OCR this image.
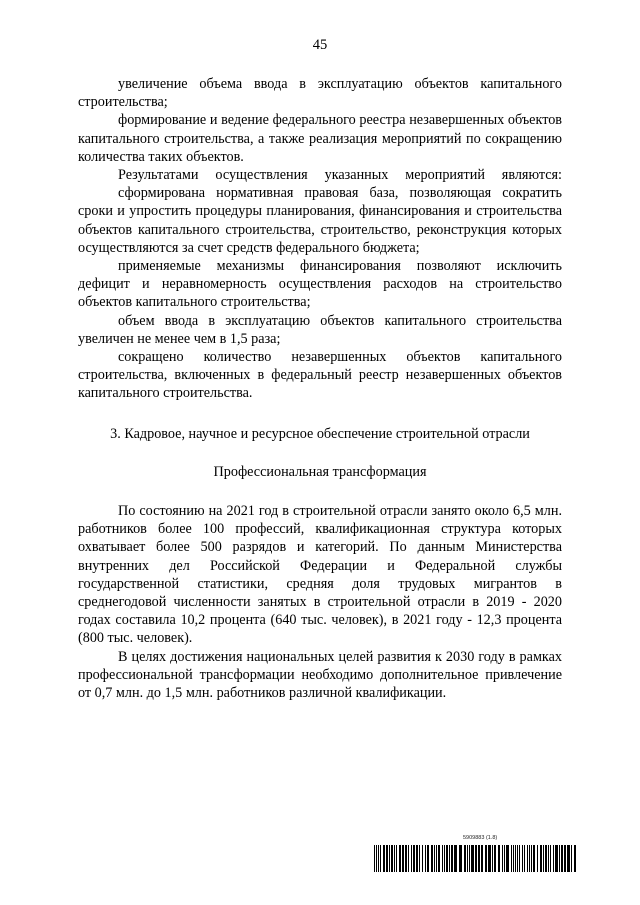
45

увеличение объема ввода в эксплуатацию объектов капитального строительства;

формирование и ведение федерального реестра незавершенных объектов капитального строительства, а также реализация мероприятий по сокращению количества таких объектов.

Результатами осуществления указанных мероприятий являются:

сформирована нормативная правовая база, позволяющая сократить сроки и упростить процедуры планирования, финансирования и строительства объектов капитального строительства, строительство, реконструкция которых осуществляются за счет средств федерального бюджета;

применяемые механизмы финансирования позволяют исключить дефицит и неравномерность осуществления расходов на строительство объектов капитального строительства;

объем ввода в эксплуатацию объектов капитального строительства увеличен не менее чем в 1,5 раза;

сокращено количество незавершенных объектов капитального строительства, включенных в федеральный реестр незавершенных объектов капитального строительства.

3. Кадровое, научное и ресурсное обеспечение строительной отрасли
Профессиональная трансформация

По состоянию на 2021 год в строительной отрасли занято около 6,5 млн. работников более 100 профессий, квалификационная структура которых охватывает более 500 разрядов и категорий. По данным Министерства внутренних дел Российской Федерации и Федеральной службы государственной статистики, средняя доля трудовых мигрантов в среднегодовой численности занятых в строительной отрасли в 2019 - 2020 годах составила 10,2 процента (640 тыс. человек), в 2021 году - 12,3 процента (800 тыс. человек).

В целях достижения национальных целей развития к 2030 году в рамках профессиональной трансформации необходимо дополнительное привлечение от 0,7 млн. до 1,5 млн. работников различной квалификации.

5909883 (1.8)
